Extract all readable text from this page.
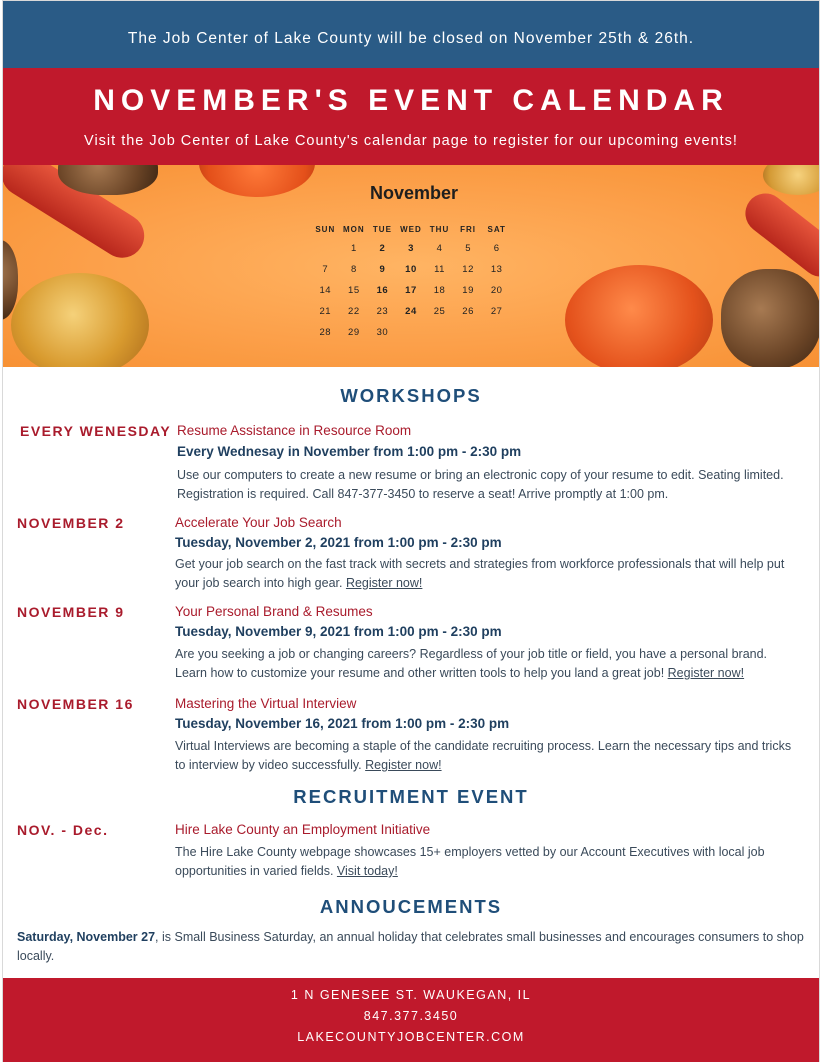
The Job Center of Lake County will be closed on November 25th & 26th.
NOVEMBER'S EVENT CALENDAR
Visit the Job Center of Lake County's calendar page to register for our upcoming events!
November
SUN	MON	TUE	WED	THU	FRI	SAT
	1	2	3	4	5	6
7	8	9	10	11	12	13
14	15	16	17	18	19	20
21	22	23	24	25	26	27
28	29	30				
WORKSHOPS
EVERY WENESDAY Resume Assistance in Resource Room
Every Wednesay in November from 1:00 pm - 2:30 pm
Use our computers to create a new resume or bring an electronic copy of your resume to edit. Seating limited. Registration is required. Call 847-377-3450 to reserve a seat! Arrive promptly at 1:00 pm.
NOVEMBER 2	Accelerate Your Job Search
Tuesday, November 2, 2021 from 1:00 pm - 2:30 pm
Get your job search on the fast track with secrets and strategies from workforce professionals that will help put your job search into high gear. Register now!
NOVEMBER 9	Your Personal Brand & Resumes
Tuesday, November 9, 2021 from 1:00 pm - 2:30 pm
Are you seeking a job or changing careers? Regardless of your job title or field, you have a personal brand. Learn how to customize your resume and other written tools to help you land a great job! Register now!
NOVEMBER 16	Mastering the Virtual Interview
Tuesday, November 16, 2021 from 1:00 pm - 2:30 pm
Virtual Interviews are becoming a staple of the candidate recruiting process. Learn the necessary tips and tricks to interview by video successfully. Register now!
RECRUITMENT EVENT
NOV. - Dec.	Hire Lake County an Employment Initiative
The Hire Lake County webpage showcases 15+ employers vetted by our Account Executives with local job opportunities in varied fields. Visit today!
ANNOUCEMENTS
Saturday, November 27, is Small Business Saturday, an annual holiday that celebrates small businesses and encourages consumers to shop locally.
1 N GENESEE ST. WAUKEGAN, IL
847.377.3450
LAKECOUNTYJOBCENTER.COM
